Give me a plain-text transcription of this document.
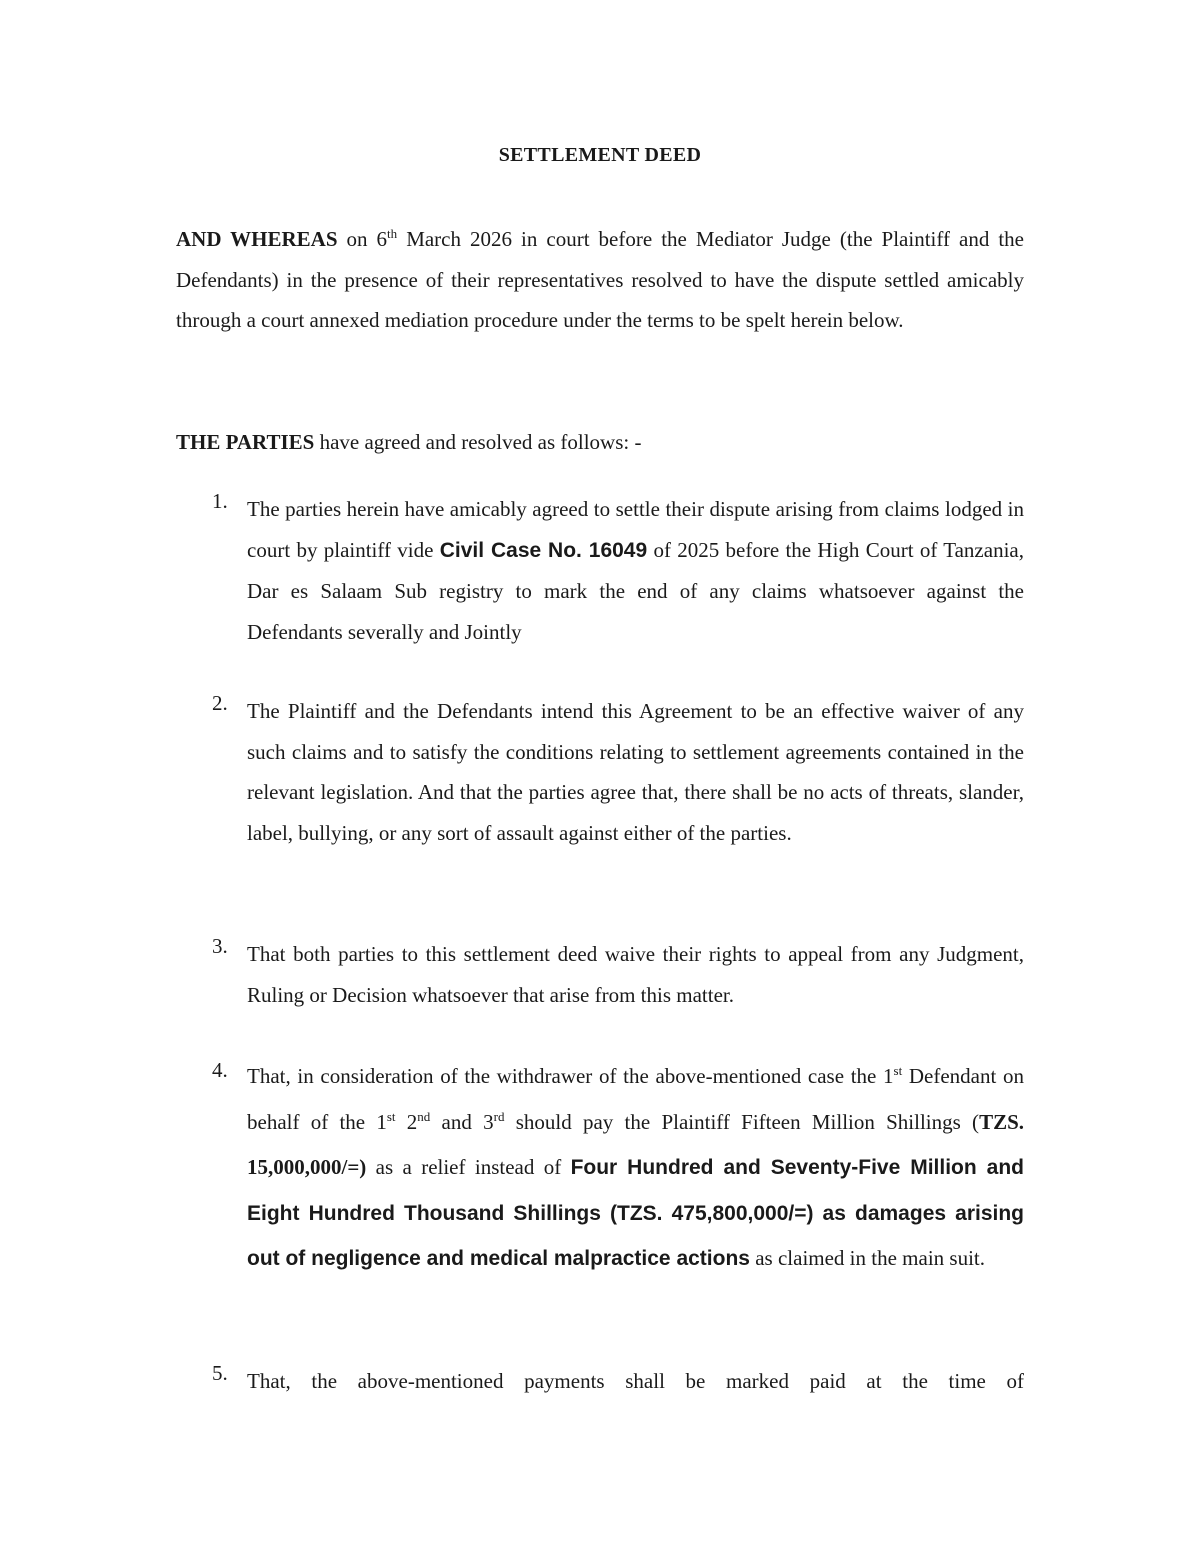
SETTLEMENT DEED

AND WHEREAS on 6th March 2026 in court before the Mediator Judge (the Plaintiff and the Defendants) in the presence of their representatives resolved to have the dispute settled amicably through a court annexed mediation procedure under the terms to be spelt herein below.

THE PARTIES have agreed and resolved as follows: -

1. The parties herein have amicably agreed to settle their dispute arising from claims lodged in court by plaintiff vide Civil Case No. 16049 of 2025 before the High Court of Tanzania, Dar es Salaam Sub registry to mark the end of any claims whatsoever against the Defendants severally and Jointly
2. The Plaintiff and the Defendants intend this Agreement to be an effective waiver of any such claims and to satisfy the conditions relating to settlement agreements contained in the relevant legislation. And that the parties agree that, there shall be no acts of threats, slander, label, bullying, or any sort of assault against either of the parties.
3. That both parties to this settlement deed waive their rights to appeal from any Judgment, Ruling or Decision whatsoever that arise from this matter.
4. That, in consideration of the withdrawer of the above-mentioned case the 1st Defendant on behalf of the 1st 2nd and 3rd should pay the Plaintiff Fifteen Million Shillings (TZS. 15,000,000/=) as a relief instead of Four Hundred and Seventy-Five Million and Eight Hundred Thousand Shillings (TZS. 475,800,000/=) as damages arising out of negligence and medical malpractice actions as claimed in the main suit.
5. That, the above-mentioned payments shall be marked paid at the time of
